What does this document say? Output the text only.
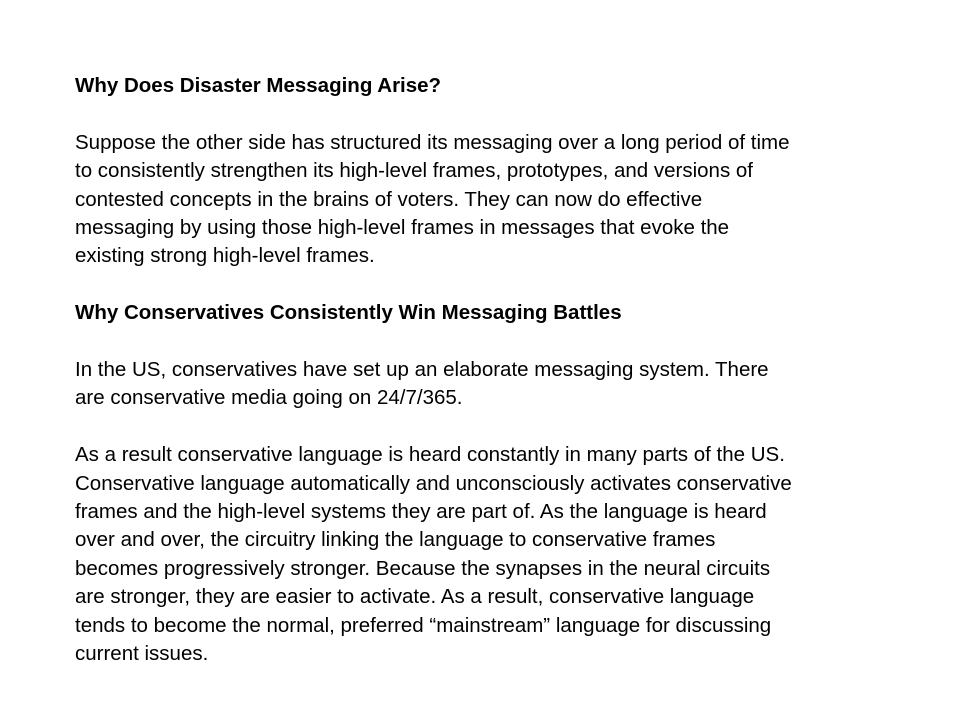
Why Does Disaster Messaging Arise?

Suppose the other side has structured its messaging over a long period of time
to consistently strengthen its high-level frames, prototypes, and versions of
contested concepts in the brains of voters. They can now do effective
messaging by using those high-level frames in messages that evoke the
existing strong high-level frames.

Why Conservatives Consistently Win Messaging Battles

In the US, conservatives have set up an elaborate messaging system. There
are conservative media going on 24/7/365.

As a result conservative language is heard constantly in many parts of the US.
Conservative language automatically and unconsciously activates conservative
frames and the high-level systems they are part of. As the language is heard
over and over, the circuitry linking the language to conservative frames
becomes progressively stronger. Because the synapses in the neural circuits
are stronger, they are easier to activate. As a result, conservative language
tends to become the normal, preferred “mainstream” language for discussing
current issues.
